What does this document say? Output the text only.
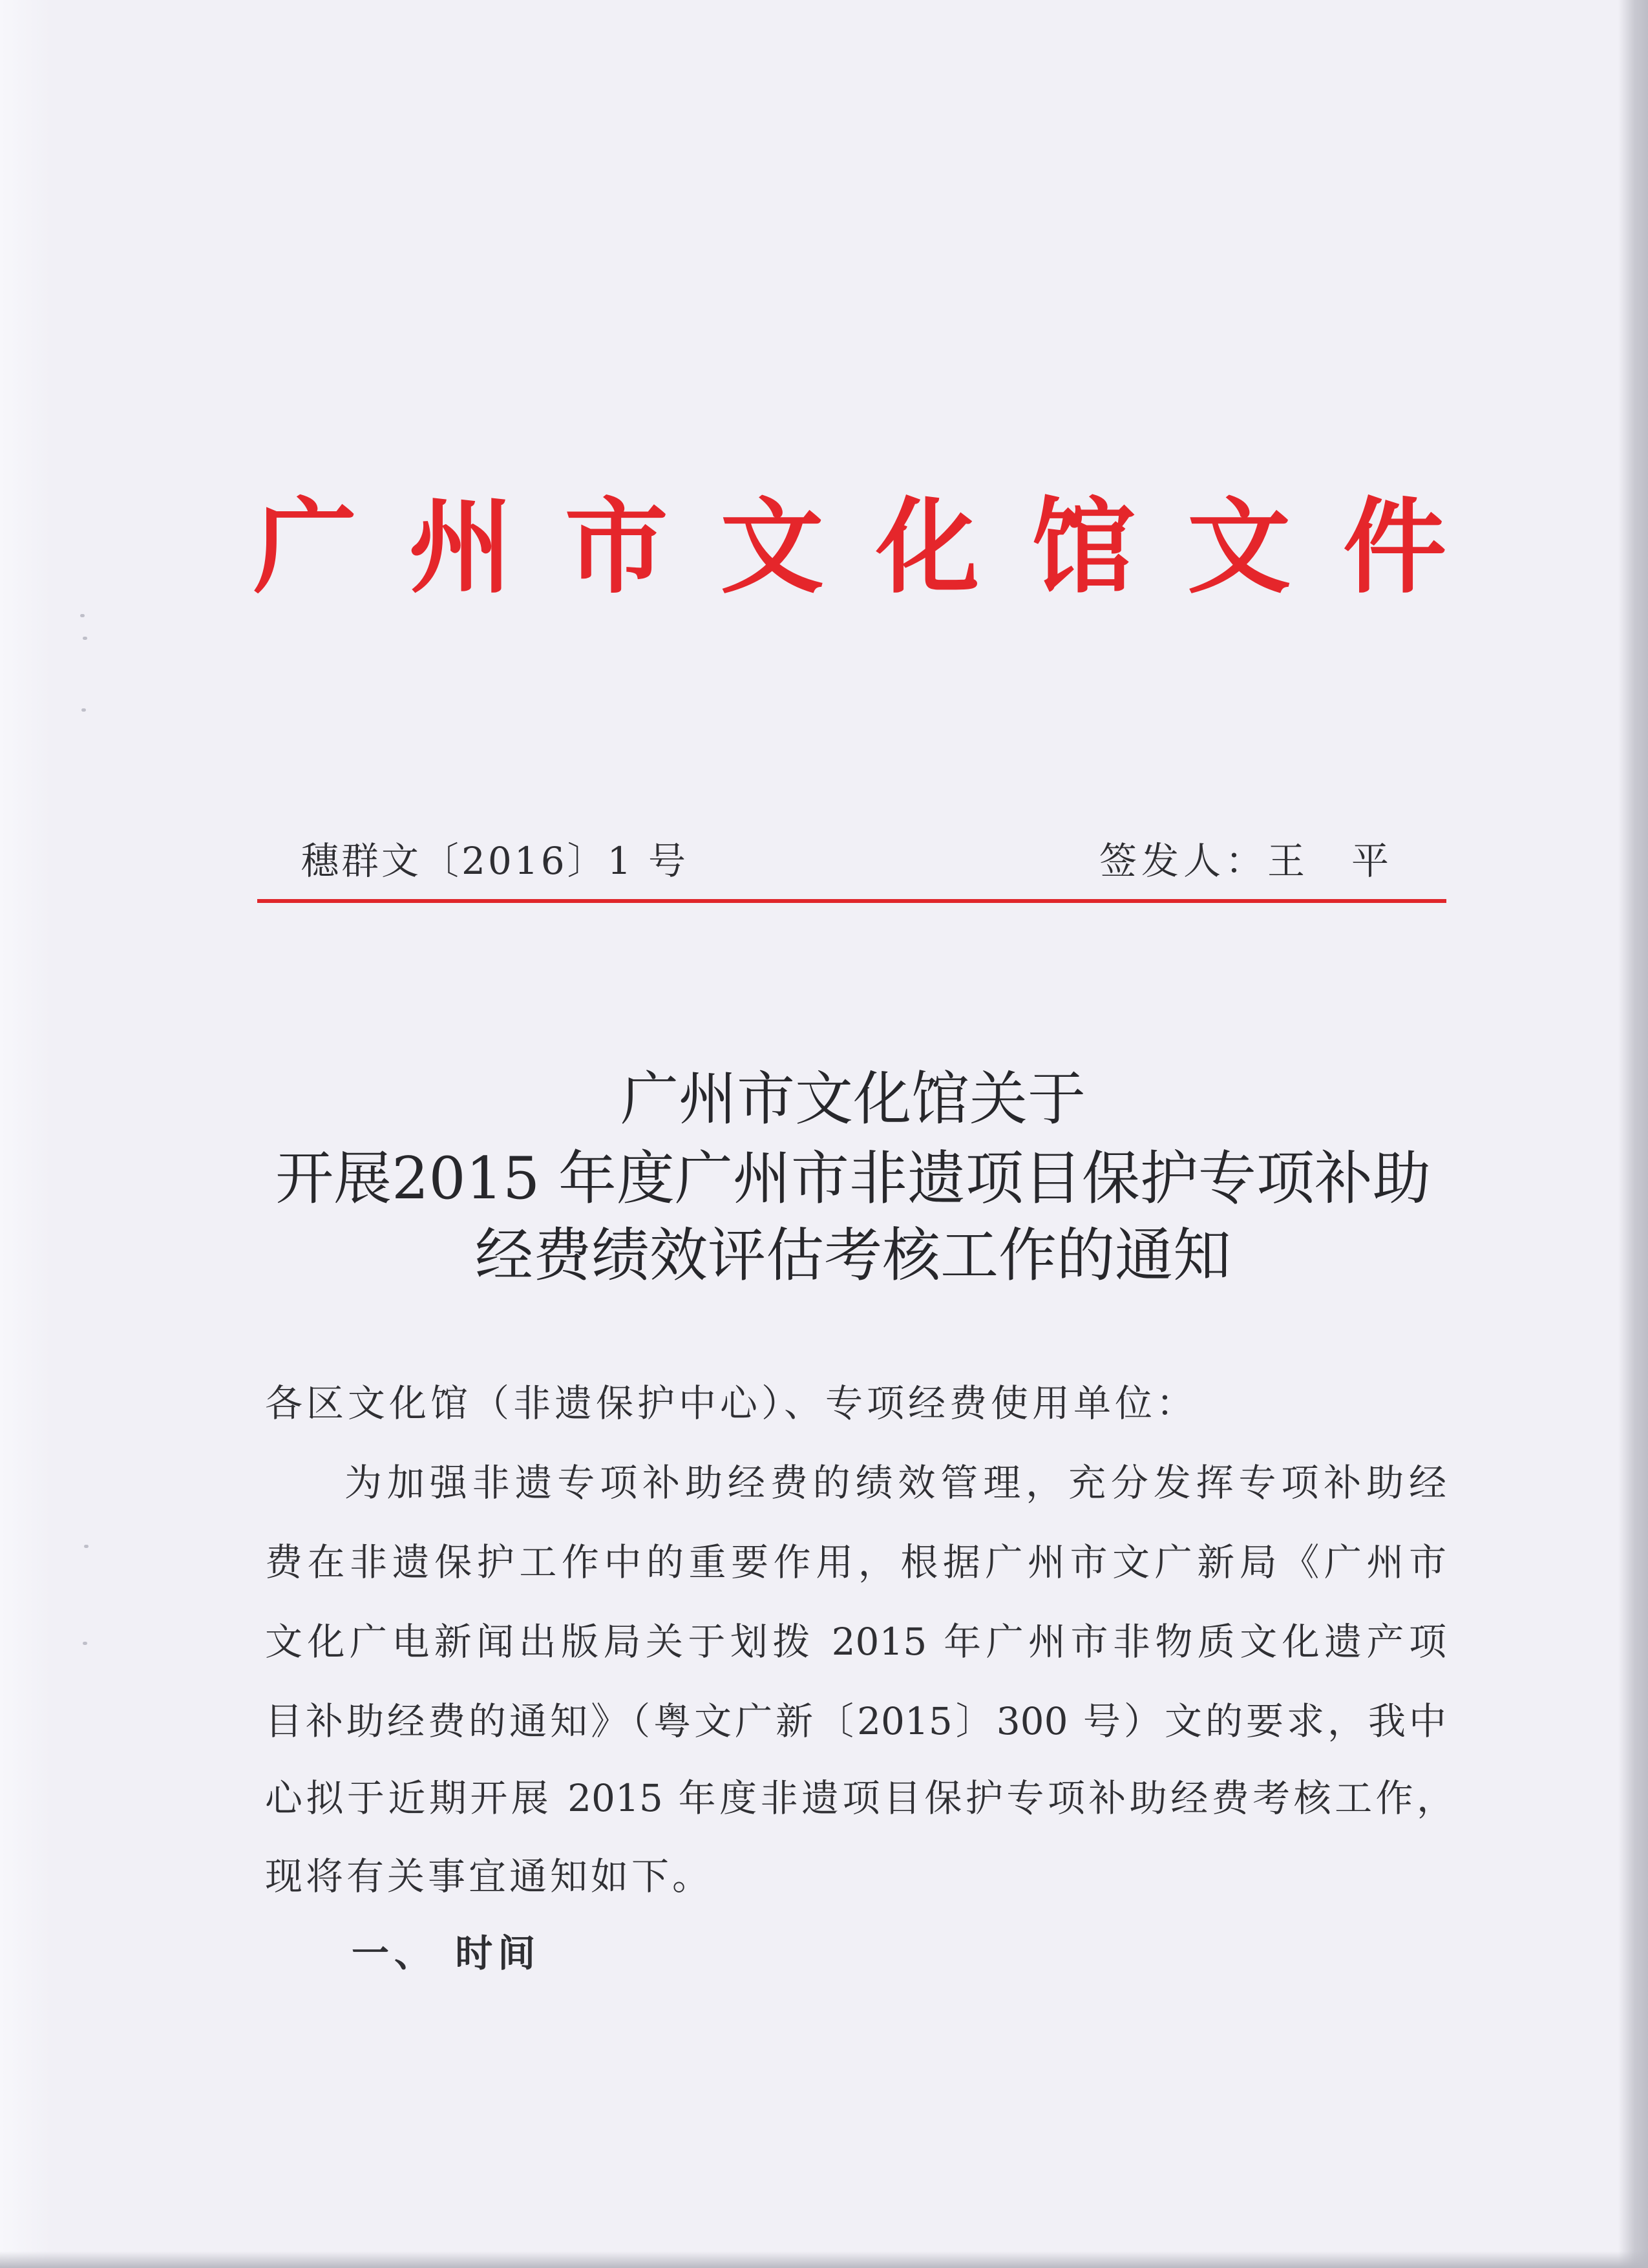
广州市文化馆文件
穗群文〔2016〕1 号	签发人：王　平
广州市文化馆关于
开展2015 年度广州市非遗项目保护专项补助
经费绩效评估考核工作的通知
各区文化馆（非遗保护中心）、专项经费使用单位：
为加强非遗专项补助经费的绩效管理，充分发挥专项补助经
费在非遗保护工作中的重要作用，根据广州市文广新局《广州市
文化广电新闻出版局关于划拨 2015 年广州市非物质文化遗产项
目补助经费的通知》（粤文广新〔2015〕300 号）文的要求，我中
心拟于近期开展 2015 年度非遗项目保护专项补助经费考核工作，
现将有关事宜通知如下。
一、 时间
